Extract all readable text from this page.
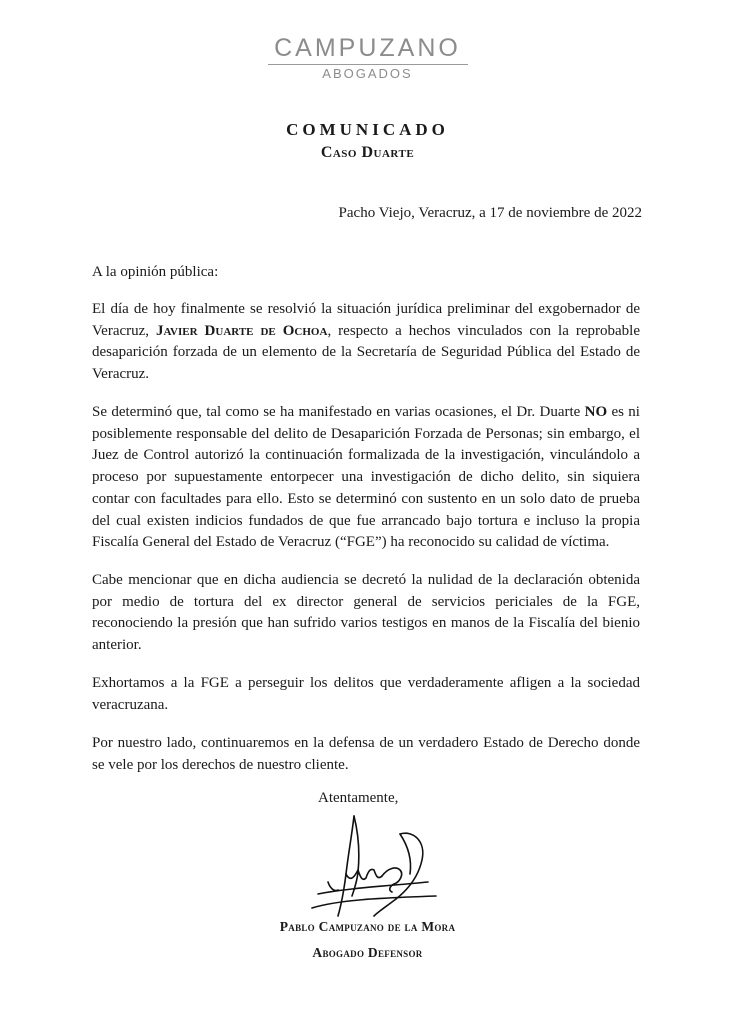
CAMPUZANO
ABOGADOS
COMUNICADO
Caso Duarte
Pacho Viejo, Veracruz, a 17 de noviembre de 2022

A la opinión pública:

El día de hoy finalmente se resolvió la situación jurídica preliminar del exgobernador de Veracruz, Javier Duarte de Ochoa, respecto a hechos vinculados con la reprobable desaparición forzada de un elemento de la Secretaría de Seguridad Pública del Estado de Veracruz.

Se determinó que, tal como se ha manifestado en varias ocasiones, el Dr. Duarte NO es ni posiblemente responsable del delito de Desaparición Forzada de Personas; sin embargo, el Juez de Control autorizó la continuación formalizada de la investigación, vinculándolo a proceso por supuestamente entorpecer una investigación de dicho delito, sin siquiera contar con facultades para ello. Esto se determinó con sustento en un solo dato de prueba del cual existen indicios fundados de que fue arrancado bajo tortura e incluso la propia Fiscalía General del Estado de Veracruz (“FGE”) ha reconocido su calidad de víctima.

Cabe mencionar que en dicha audiencia se decretó la nulidad de la declaración obtenida por medio de tortura del ex director general de servicios periciales de la FGE, reconociendo la presión que han sufrido varios testigos en manos de la Fiscalía del bienio anterior.

Exhortamos a la FGE a perseguir los delitos que verdaderamente afligen a la sociedad veracruzana.

Por nuestro lado, continuaremos en la defensa de un verdadero Estado de Derecho donde se vele por los derechos de nuestro cliente.

Atentamente,
Pablo Campuzano de la Mora
Abogado Defensor
